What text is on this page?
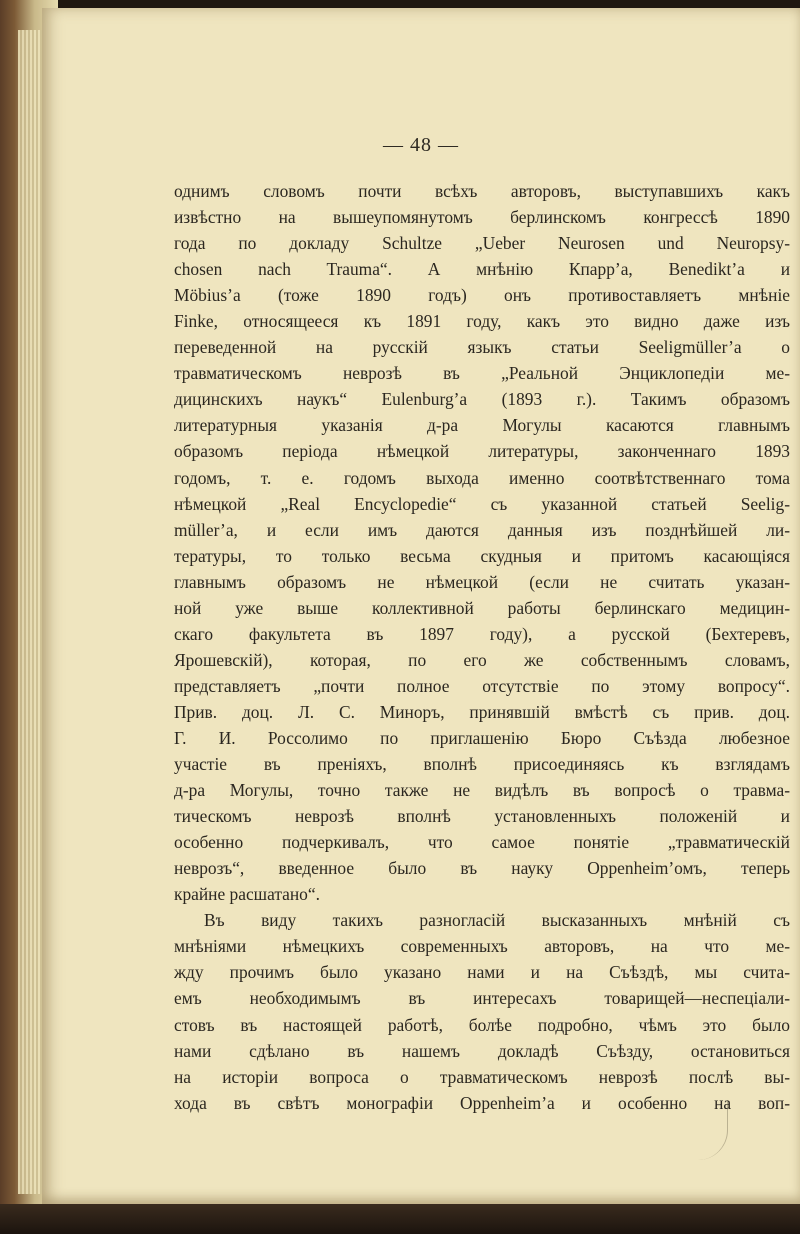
— 48 —
однимъ словомъ почти всѣхъ авторовъ, выступавшихъ какъ
извѣстно на вышеупомянутомъ берлинскомъ конгрессѣ 1890
года по докладу Schultze „Ueber Neurosen und Neuropsy-
chosen nach Trauma“. А мнѣнію Кпарр’а, Benedikt’a и
Möbius’a (тоже 1890 годъ) онъ противоставляетъ мнѣніе
Finke, относящееся къ 1891 году, какъ это видно даже изъ
переведенной на русскій языкъ статьи Seeligmüller’a о
травматическомъ неврозѣ въ „Реальной Энциклопедіи ме-
дицинскихъ наукъ“ Eulenburg’a (1893 г.). Такимъ образомъ
литературныя указанія д-ра Могулы касаются главнымъ
образомъ періода нѣмецкой литературы, законченнаго 1893
годомъ, т. е. годомъ выхода именно соотвѣтственнаго тома
нѣмецкой „Real Encyclopedie“ съ указанной статьей Seelig-
müller’a, и если имъ даются данныя изъ позднѣйшей ли-
тературы, то только весьма скудныя и притомъ касающіяся
главнымъ образомъ не нѣмецкой (если не считать указан-
ной уже выше коллективной работы берлинскаго медицин-
скаго факультета въ 1897 году), а русской (Бехтеревъ,
Ярошевскій), которая, по его же собственнымъ словамъ,
представляетъ „почти полное отсутствіе по этому вопросу“.
Прив. доц. Л. С. Миноръ, принявшій вмѣстѣ съ прив. доц.
Г. И. Россолимо по приглашенію Бюро Съѣзда любезное
участіе въ преніяхъ, вполнѣ присоединяясь къ взглядамъ
д-ра Могулы, точно также не видѣлъ въ вопросѣ о травма-
тическомъ неврозѣ вполнѣ установленныхъ положеній и
особенно подчеркивалъ, что самое понятіе „травматическій
неврозъ“, введенное было въ науку Oppenheim’омъ, теперь
крайне расшатано“.
Въ виду такихъ разногласій высказанныхъ мнѣній съ
мнѣніями нѣмецкихъ современныхъ авторовъ, на что ме-
жду прочимъ было указано нами и на Съѣздѣ, мы счита-
емъ необходимымъ въ интересахъ товарищей—неспеціали-
стовъ въ настоящей работѣ, болѣе подробно, чѣмъ это было
нами сдѣлано въ нашемъ докладѣ Съѣзду, остановиться
на исторіи вопроса о травматическомъ неврозѣ послѣ вы-
хода въ свѣтъ монографіи Oppenheim’a и особенно на воп-
